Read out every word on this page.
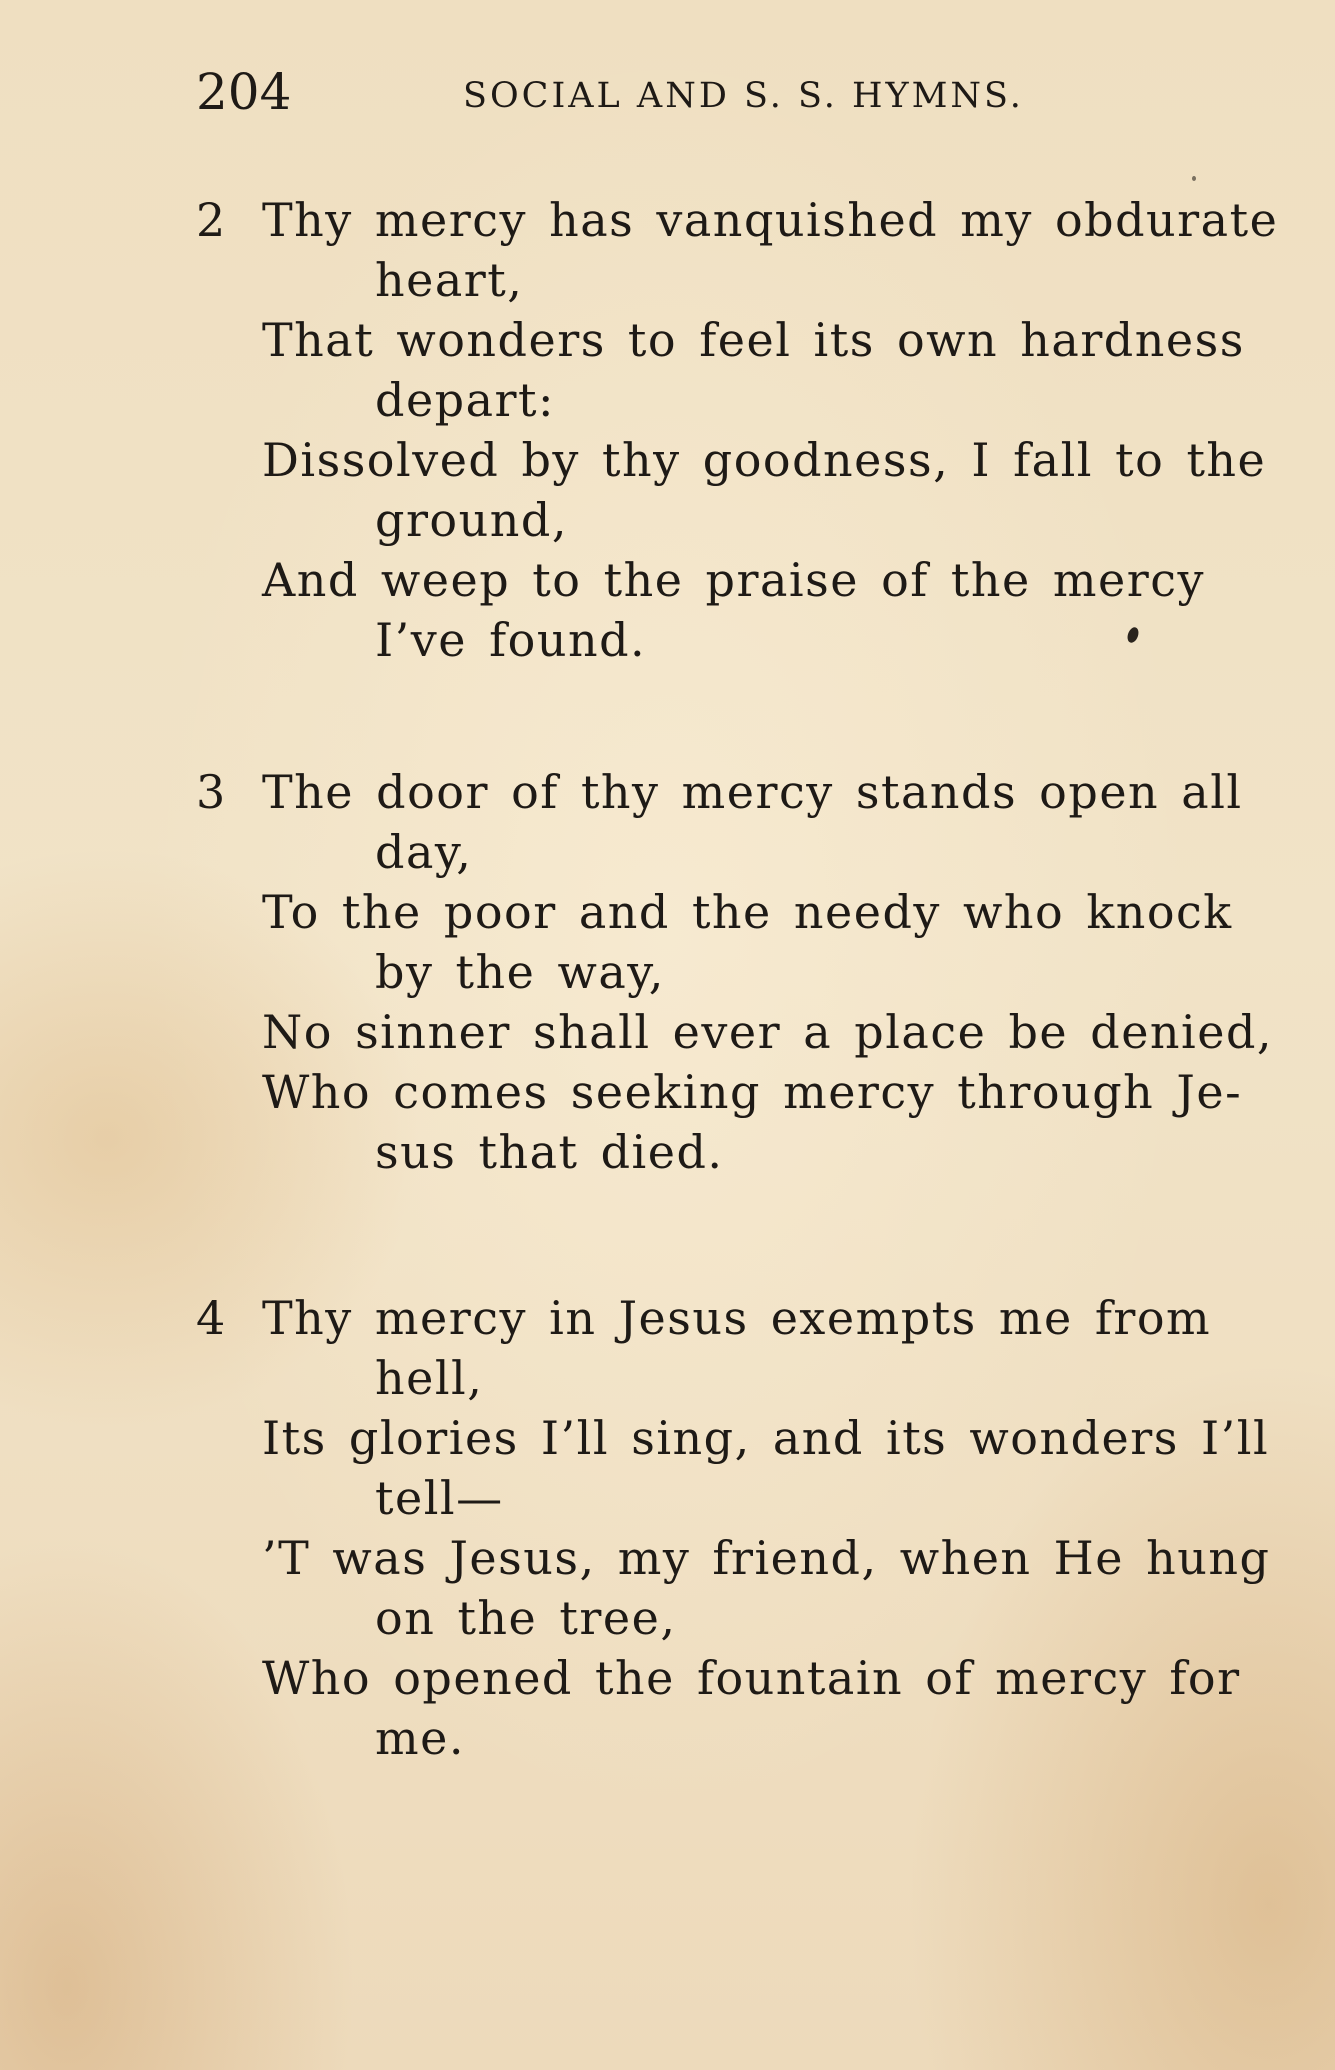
204	SOCIAL AND S. S. HYMNS.
2 Thy mercy has vanquished my obdurate
heart,
That wonders to feel its own hardness
depart:
Dissolved by thy goodness, I fall to the
ground,
And weep to the praise of the mercy
I’ve found.
3 The door of thy mercy stands open all
day,
To the poor and the needy who knock
by the way,
No sinner shall ever a place be denied,
Who comes seeking mercy through Je-
sus that died.
4 Thy mercy in Jesus exempts me from
hell,
Its glories I’ll sing, and its wonders I’ll
tell—
’T was Jesus, my friend, when He hung
on the tree,
Who opened the fountain of mercy for
me.
